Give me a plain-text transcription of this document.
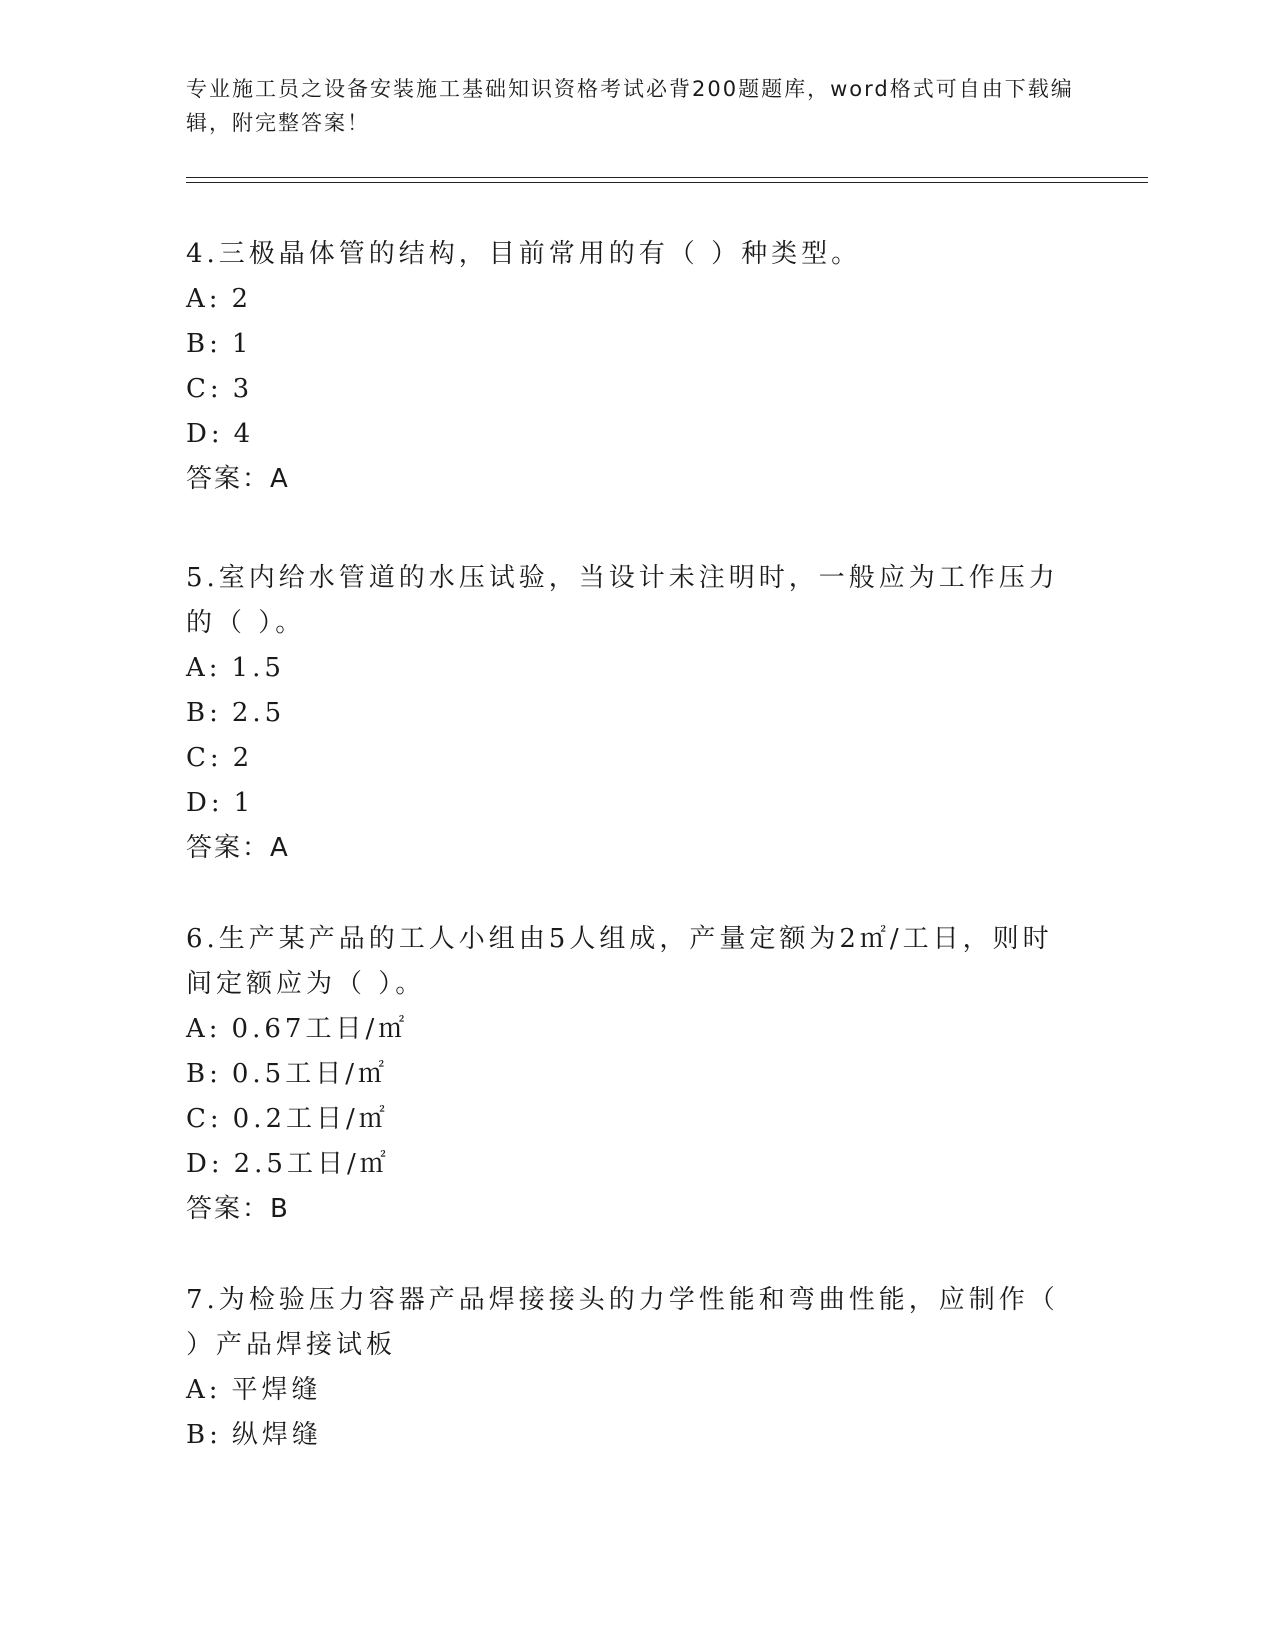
专业施工员之设备安装施工基础知识资格考试必背200题题库，word格式可自由下载编辑，附完整答案！

4.三极晶体管的结构，目前常用的有（ ）种类型。

A: 2

B: 1

C: 3

D: 4

答案：A

5.室内给水管道的水压试验，当设计未注明时，一般应为工作压力的（ ）。

A: 1.5

B: 2.5

C: 2

D: 1

答案：A

6.生产某产品的工人小组由5人组成，产量定额为2㎡/工日，则时间定额应为（ ）。

A: 0.67工日/㎡

B: 0.5工日/㎡

C: 0.2工日/㎡

D: 2.5工日/㎡

答案：B

7.为检验压力容器产品焊接接头的力学性能和弯曲性能，应制作（ ）产品焊接试板

A: 平焊缝

B: 纵焊缝
